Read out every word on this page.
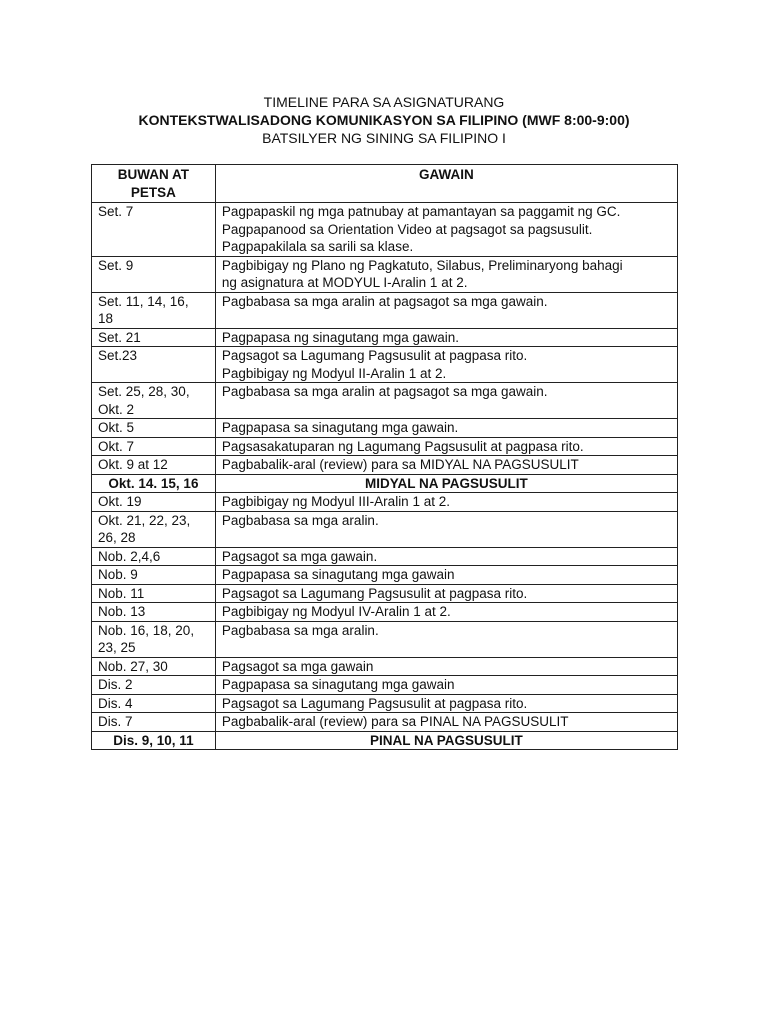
TIMELINE PARA SA ASIGNATURANG
KONTEKSTWALISADONG KOMUNIKASYON SA FILIPINO (MWF 8:00-9:00)
BATSILYER NG SINING SA FILIPINO I
BUWAN AT
PETSA	GAWAIN
Set. 7	Pagpapaskil ng mga patnubay at pamantayan sa paggamit ng GC.
Pagpapanood sa Orientation Video at pagsagot sa pagsusulit.
Pagpapakilala sa sarili sa klase.
Set. 9	Pagbibigay ng Plano ng Pagkatuto, Silabus, Preliminaryong bahagi
ng asignatura at MODYUL I-Aralin 1 at 2.
Set. 11, 14, 16,
18	Pagbabasa sa mga aralin at pagsagot sa mga gawain.
Set. 21	Pagpapasa ng sinagutang mga gawain.
Set.23	Pagsagot sa Lagumang Pagsusulit at pagpasa rito.
Pagbibigay ng Modyul II-Aralin 1 at 2.
Set. 25, 28, 30,
Okt. 2	Pagbabasa sa mga aralin at pagsagot sa mga gawain.
Okt. 5	Pagpapasa sa sinagutang mga gawain.
Okt. 7	Pagsasakatuparan ng Lagumang Pagsusulit at pagpasa rito.
Okt. 9 at 12	Pagbabalik-aral (review) para sa MIDYAL NA PAGSUSULIT
Okt. 14. 15, 16	MIDYAL NA PAGSUSULIT
Okt. 19	Pagbibigay ng Modyul III-Aralin 1 at 2.
Okt. 21, 22, 23,
26, 28	Pagbabasa sa mga aralin.
Nob. 2,4,6	Pagsagot sa mga gawain.
Nob. 9	Pagpapasa sa sinagutang mga gawain
Nob. 11	Pagsagot sa Lagumang Pagsusulit at pagpasa rito.
Nob. 13	Pagbibigay ng Modyul IV-Aralin 1 at 2.
Nob. 16, 18, 20,
23, 25	Pagbabasa sa mga aralin.
Nob. 27, 30	Pagsagot sa mga gawain
Dis. 2	Pagpapasa sa sinagutang mga gawain
Dis. 4	Pagsagot sa Lagumang Pagsusulit at pagpasa rito.
Dis. 7	Pagbabalik-aral (review) para sa PINAL NA PAGSUSULIT
Dis. 9, 10, 11	PINAL NA PAGSUSULIT
